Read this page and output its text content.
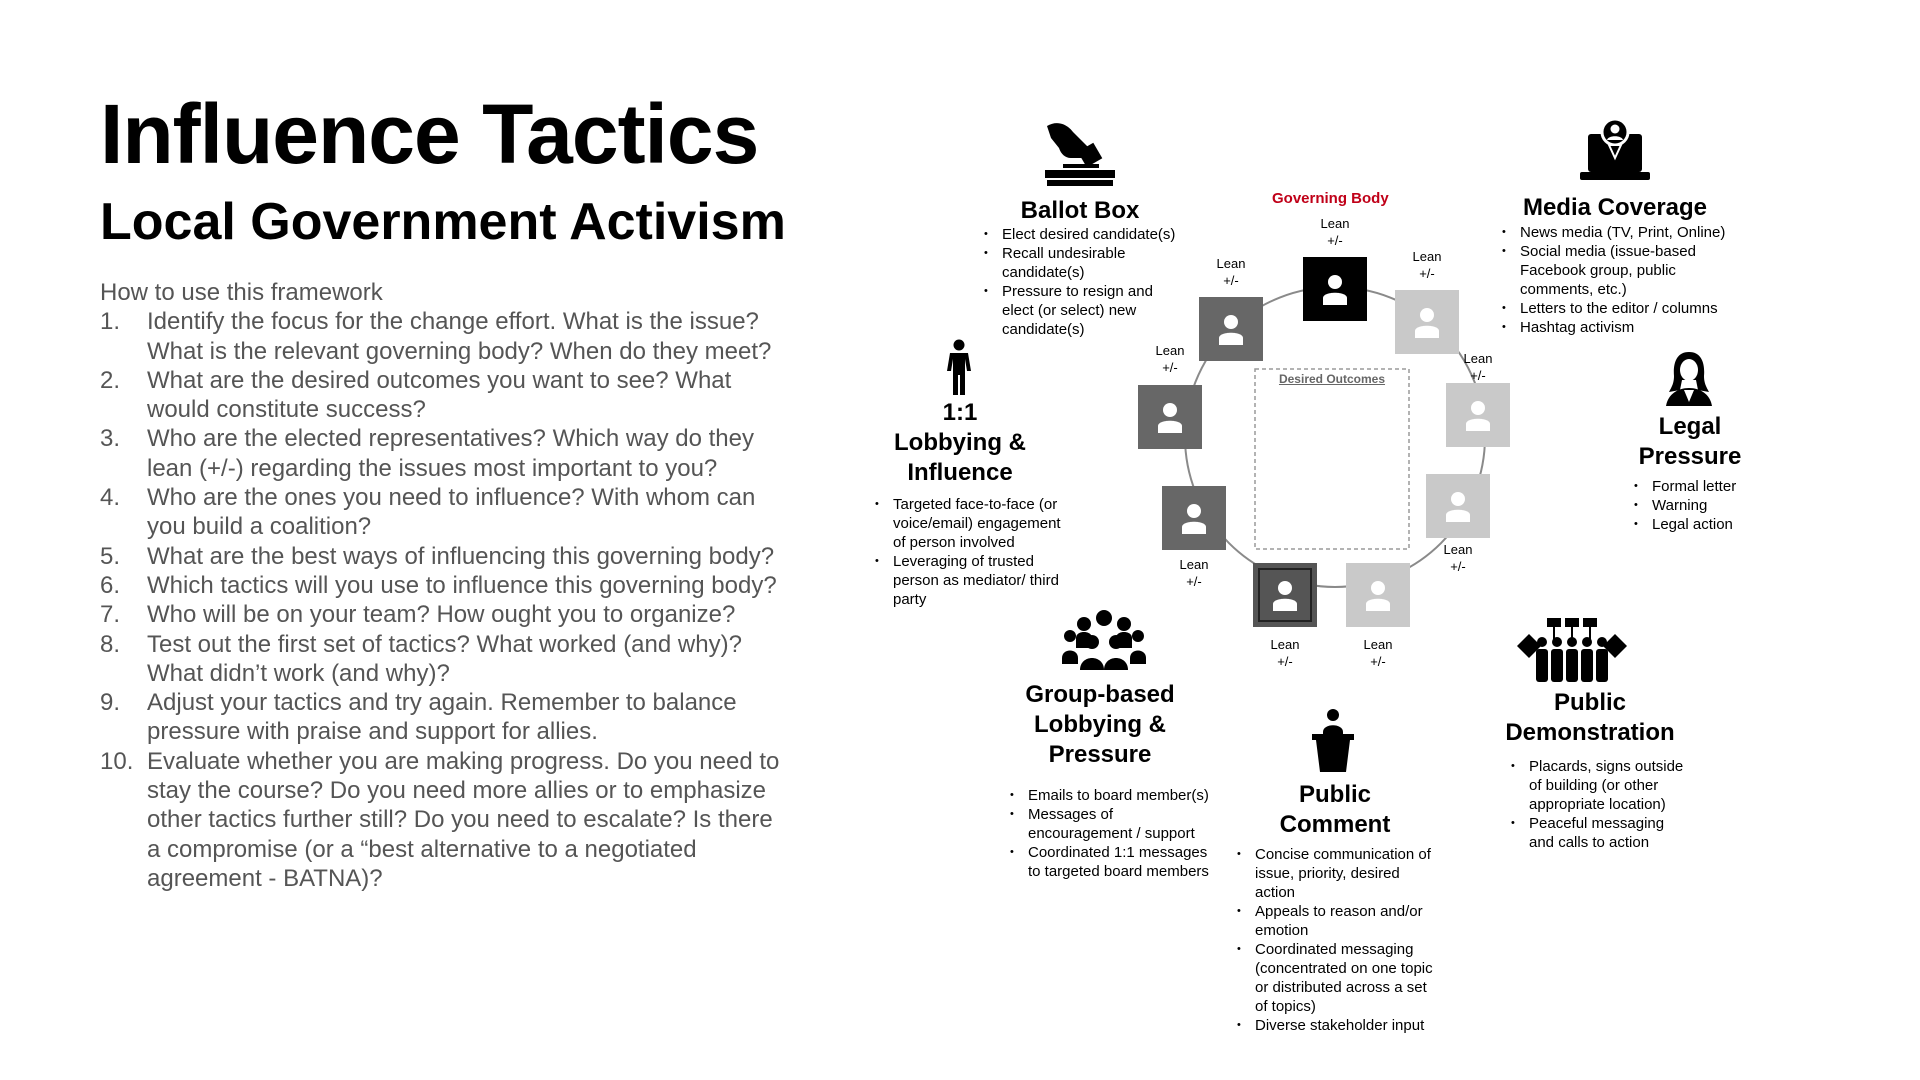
Influence Tactics
Local Government Activism
How to use this framework
1. Identify the focus for the change effort. What is the issue? What is the relevant governing body? When do they meet?
2. What are the desired outcomes you want to see? What would constitute success?
3. Who are the elected representatives? Which way do they lean (+/-) regarding the issues most important to you?
4. Who are the ones you need to influence? With whom can you build a coalition?
5. What are the best ways of influencing this governing body?
6. Which tactics will you use to influence this governing body?
7. Who will be on your team? How ought you to organize?
8. Test out the first set of tactics? What worked (and why)? What didn’t work (and why)?
9. Adjust your tactics and try again. Remember to balance pressure with praise and support for allies.
10. Evaluate whether you are making progress. Do you need to stay the course? Do you need more allies or to emphasize other tactics further still? Do you need to escalate? Is there a compromise (or a “best alternative to a negotiated agreement - BATNA)?
Desired Outcomes
Governing Body
Lean
+/-
Lean
+/-
Lean
+/-
Lean
+/-
Lean
+/-
Lean
+/-
Lean
+/-
Lean
+/-
Lean
+/-
Ballot Box
• Elect desired candidate(s)
• Recall undesirable candidate(s)
• Pressure to resign and elect (or select) new candidate(s)
Media Coverage
• News media (TV, Print, Online)
• Social media (issue-based Facebook group, public comments, etc.)
• Letters to the editor / columns
• Hashtag activism
1:1
Lobbying &
Influence
• Targeted face-to-face (or voice/email) engagement of person involved
• Leveraging of trusted person as mediator/ third party
Legal
Pressure
• Formal letter
• Warning
• Legal action
Group-based
Lobbying &
Pressure
• Emails to board member(s)
• Messages of encouragement / support
• Coordinated 1:1 messages to targeted board members
Public
Comment
• Concise communication of issue, priority, desired action
• Appeals to reason and/or emotion
• Coordinated messaging (concentrated on one topic or distributed across a set of topics)
• Diverse stakeholder input
Public
Demonstration
• Placards, signs outside of building (or other appropriate location)
• Peaceful messaging and calls to action
